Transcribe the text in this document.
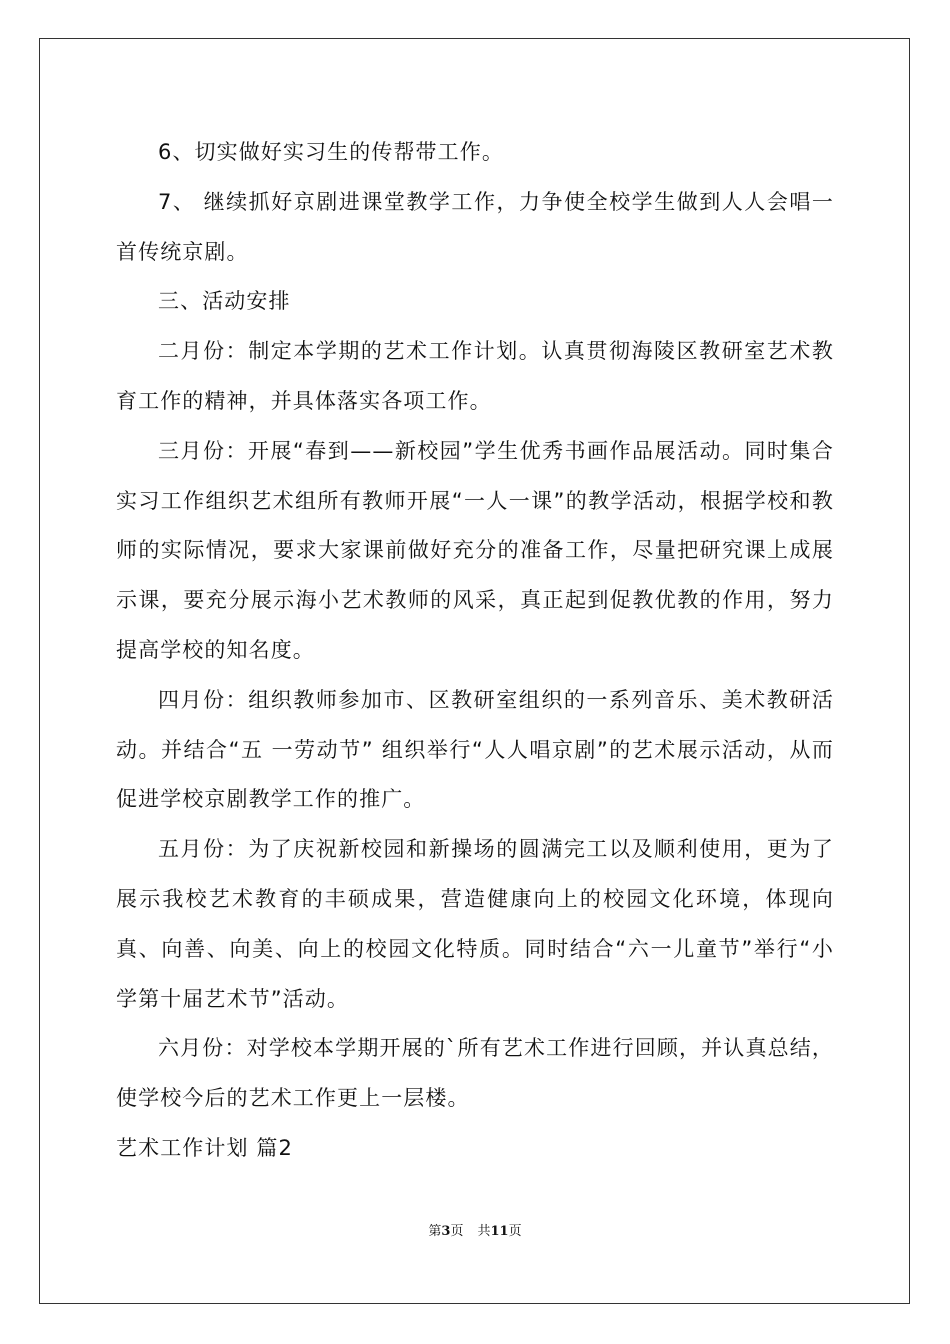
6、切实做好实习生的传帮带工作。

7、 继续抓好京剧进课堂教学工作，力争使全校学生做到人人会唱一首传统京剧。

三、活动安排

二月份：制定本学期的艺术工作计划。认真贯彻海陵区教研室艺术教育工作的精神，并具体落实各项工作。

三月份：开展“春到——新校园”学生优秀书画作品展活动。同时集合实习工作组织艺术组所有教师开展“一人一课”的教学活动，根据学校和教师的实际情况，要求大家课前做好充分的准备工作，尽量把研究课上成展示课，要充分展示海小艺术教师的风采，真正起到促教优教的作用，努力提高学校的知名度。

四月份：组织教师参加市、区教研室组织的一系列音乐、美术教研活动。并结合“五 一劳动节” 组织举行“人人唱京剧”的艺术展示活动，从而促进学校京剧教学工作的推广。

五月份：为了庆祝新校园和新操场的圆满完工以及顺利使用，更为了展示我校艺术教育的丰硕成果，营造健康向上的校园文化环境，体现向真、向善、向美、向上的校园文化特质。同时结合“六一儿童节”举行“小学第十届艺术节”活动。

六月份：对学校本学期开展的`所有艺术工作进行回顾，并认真总结，使学校今后的艺术工作更上一层楼。

艺术工作计划 篇2

第3页 共11页
